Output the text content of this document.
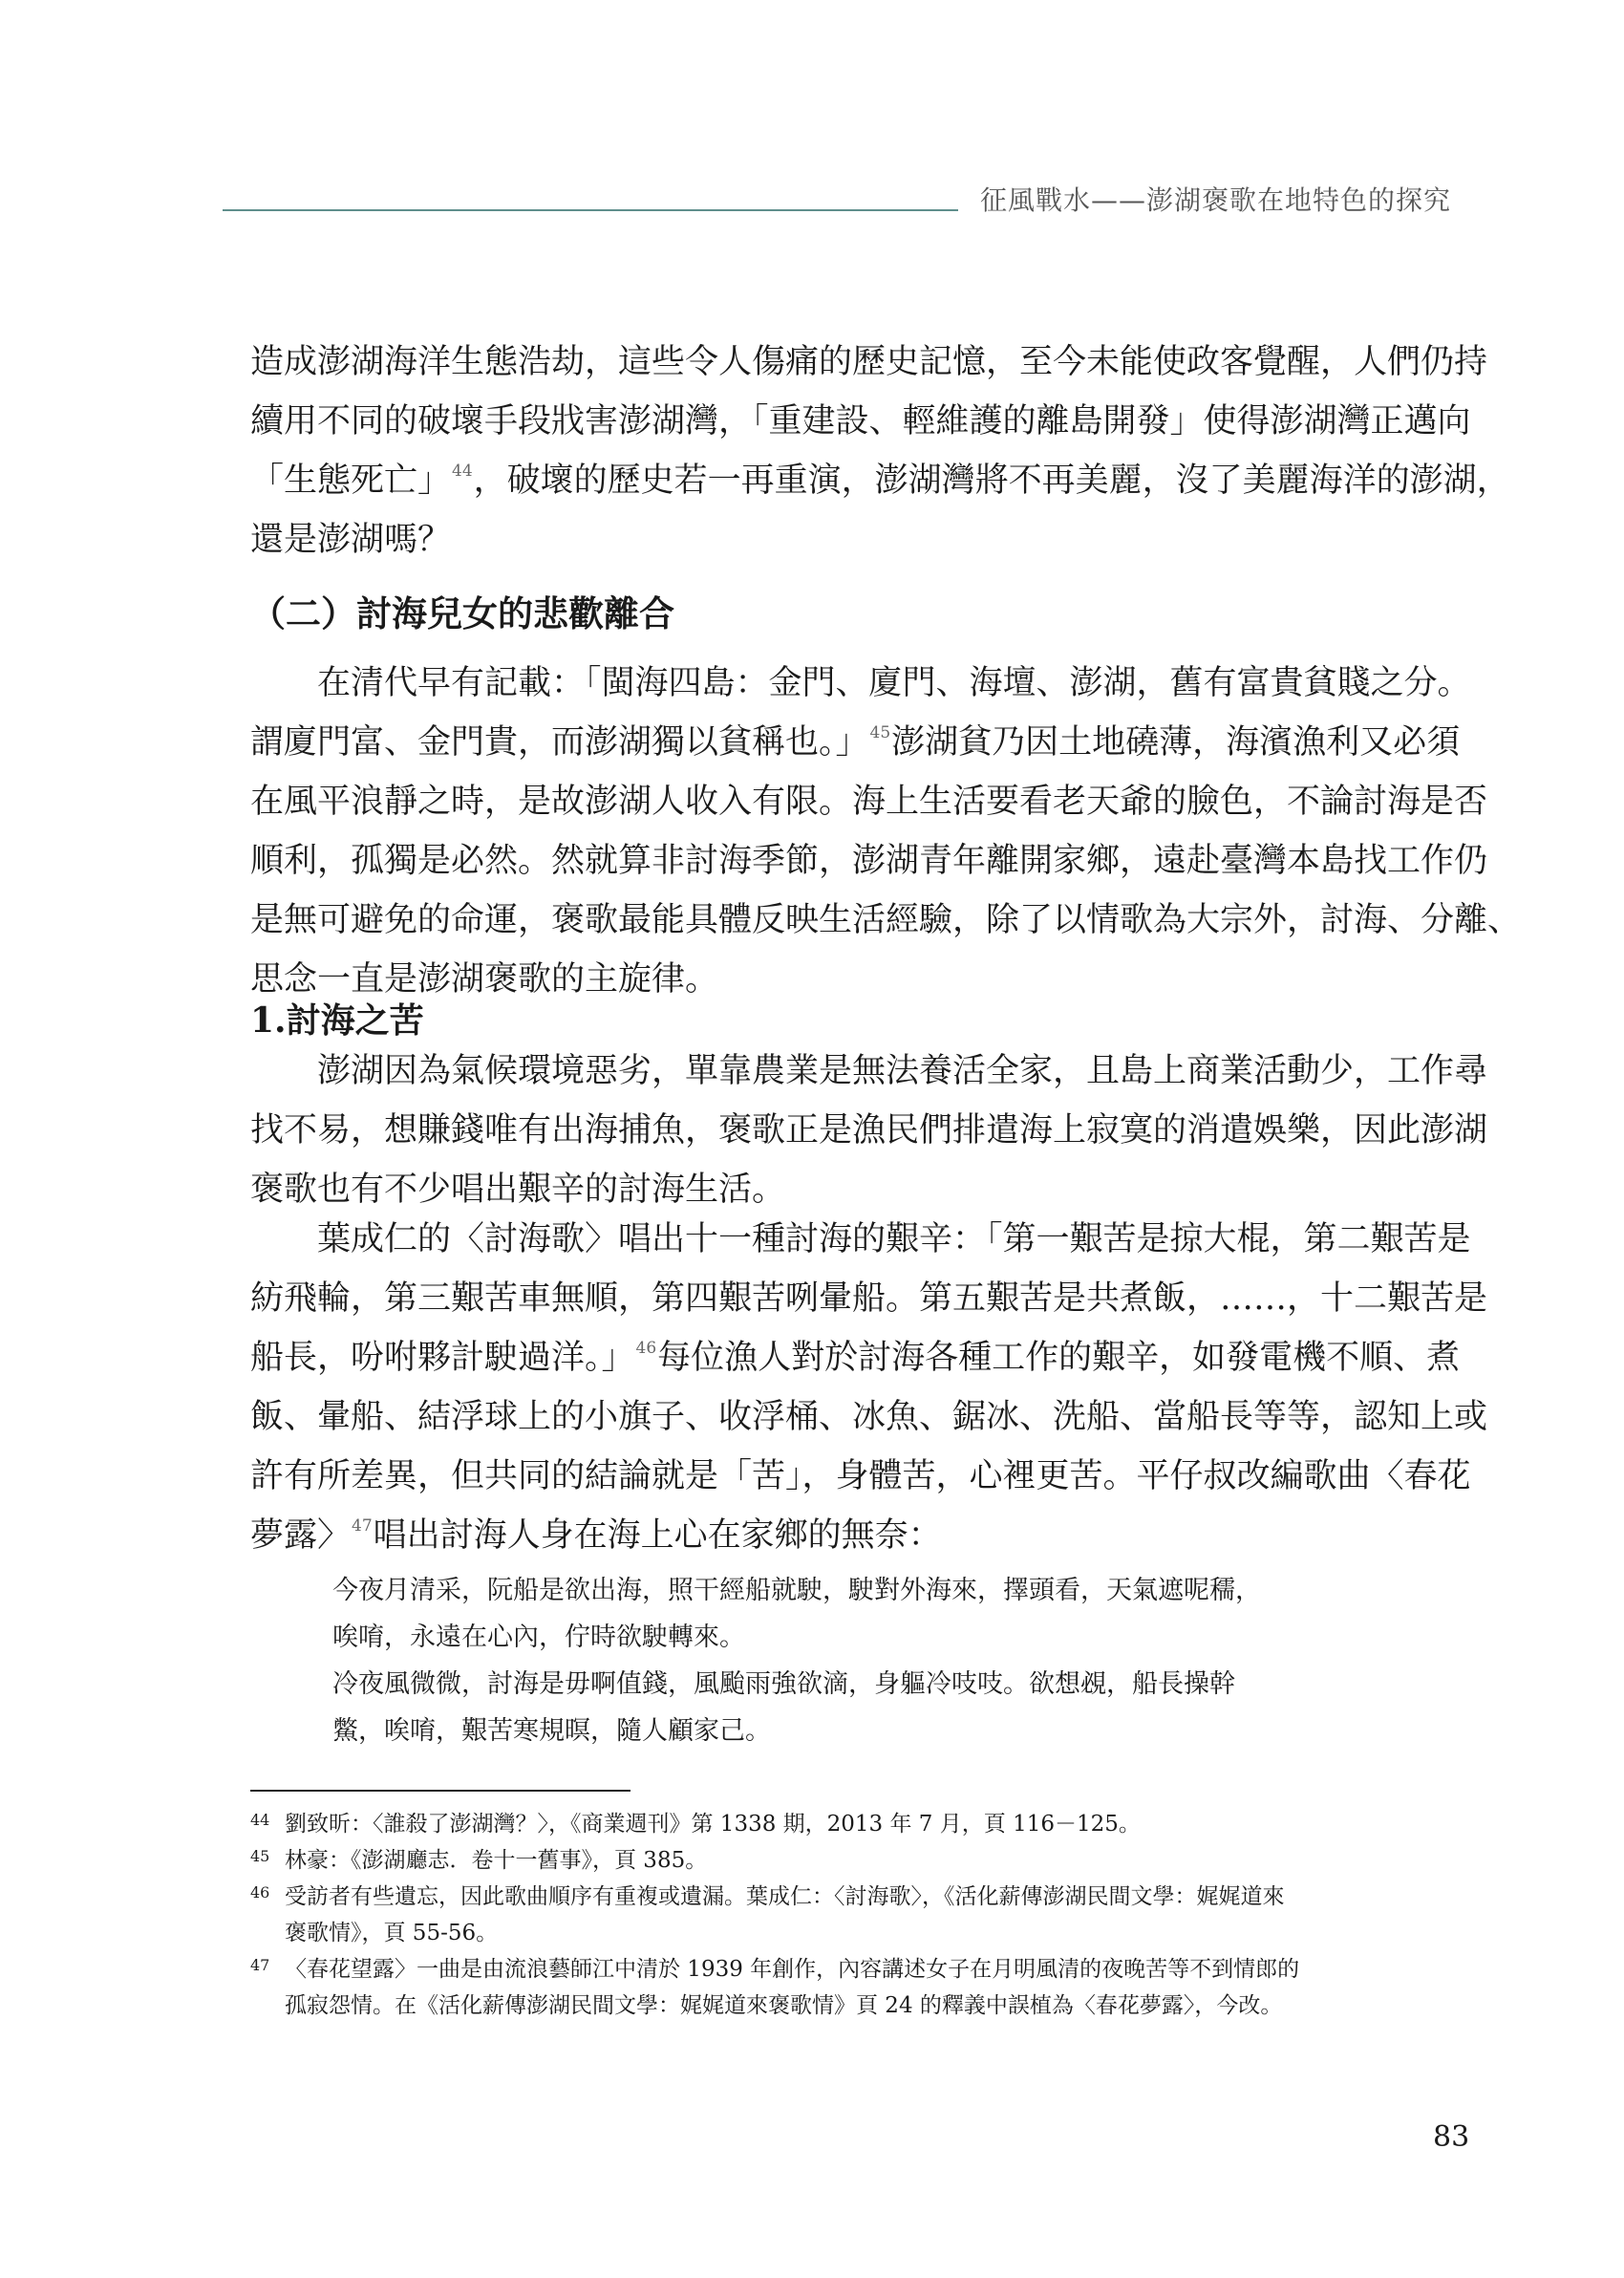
征風戰水——澎湖褒歌在地特色的探究

造成澎湖海洋生態浩劫，這些令人傷痛的歷史記憶，至今未能使政客覺醒，人們仍持
續用不同的破壞手段戕害澎湖灣，「重建設、輕維護的離島開發」使得澎湖灣正邁向
「生態死亡」$^{44}$，破壞的歷史若一再重演，澎湖灣將不再美麗，沒了美麗海洋的澎湖，
還是澎湖嗎？

（二）討海兒女的悲歡離合

在清代早有記載：「閩海四島：金門、廈門、海壇、澎湖，舊有富貴貧賤之分。
謂廈門富、金門貴，而澎湖獨以貧稱也。」$^{45}$澎湖貧乃因土地磽薄，海濱漁利又必須
在風平浪靜之時，是故澎湖人收入有限。海上生活要看老天爺的臉色，不論討海是否
順利，孤獨是必然。然就算非討海季節，澎湖青年離開家鄉，遠赴臺灣本島找工作仍
是無可避免的命運，褒歌最能具體反映生活經驗，除了以情歌為大宗外，討海、分離、
思念一直是澎湖褒歌的主旋律。

1.討海之苦

澎湖因為氣候環境惡劣，單靠農業是無法養活全家，且島上商業活動少，工作尋
找不易，想賺錢唯有出海捕魚，褒歌正是漁民們排遣海上寂寞的消遣娛樂，因此澎湖
褒歌也有不少唱出艱辛的討海生活。

葉成仁的〈討海歌〉唱出十一種討海的艱辛：「第一艱苦是掠大棍，第二艱苦是
紡飛輪，第三艱苦車無順，第四艱苦咧暈船。第五艱苦是共煮飯，……，十二艱苦是
船長，吩咐夥計駛過洋。」$^{46}$每位漁人對於討海各種工作的艱辛，如發電機不順、煮
飯、暈船、結浮球上的小旗子、收浮桶、冰魚、鋸冰、洗船、當船長等等，認知上或
許有所差異，但共同的結論就是「苦」，身體苦，心裡更苦。平仔叔改編歌曲〈春花
夢露〉$^{47}$唱出討海人身在海上心在家鄉的無奈：

今夜月清采，阮船是欲出海，照干經船就駛，駛對外海來，擇頭看，天氣遮呢穤，
唉唷，永遠在心內，佇時欲駛轉來。
冷夜風微微，討海是毋啊值錢，風颱雨強欲滴，身軀冷吱吱。欲想覕，船長操幹
鱉，唉唷，艱苦寒規暝，隨人顧家己。

44 劉致昕：〈誰殺了澎湖灣？〉，《商業週刊》第 1338 期，2013 年 7 月，頁 116－125。

45 林豪：《澎湖廳志．卷十一舊事》，頁 385。

46 受訪者有些遺忘，因此歌曲順序有重複或遺漏。葉成仁：〈討海歌〉，《活化薪傳澎湖民間文學：娓娓道來
褒歌情》，頁 55-56。

47 〈春花望露〉一曲是由流浪藝師江中清於 1939 年創作，內容講述女子在月明風清的夜晚苦等不到情郎的
孤寂怨情。在《活化薪傳澎湖民間文學：娓娓道來褒歌情》頁 24 的釋義中誤植為〈春花夢露〉，今改。

83
